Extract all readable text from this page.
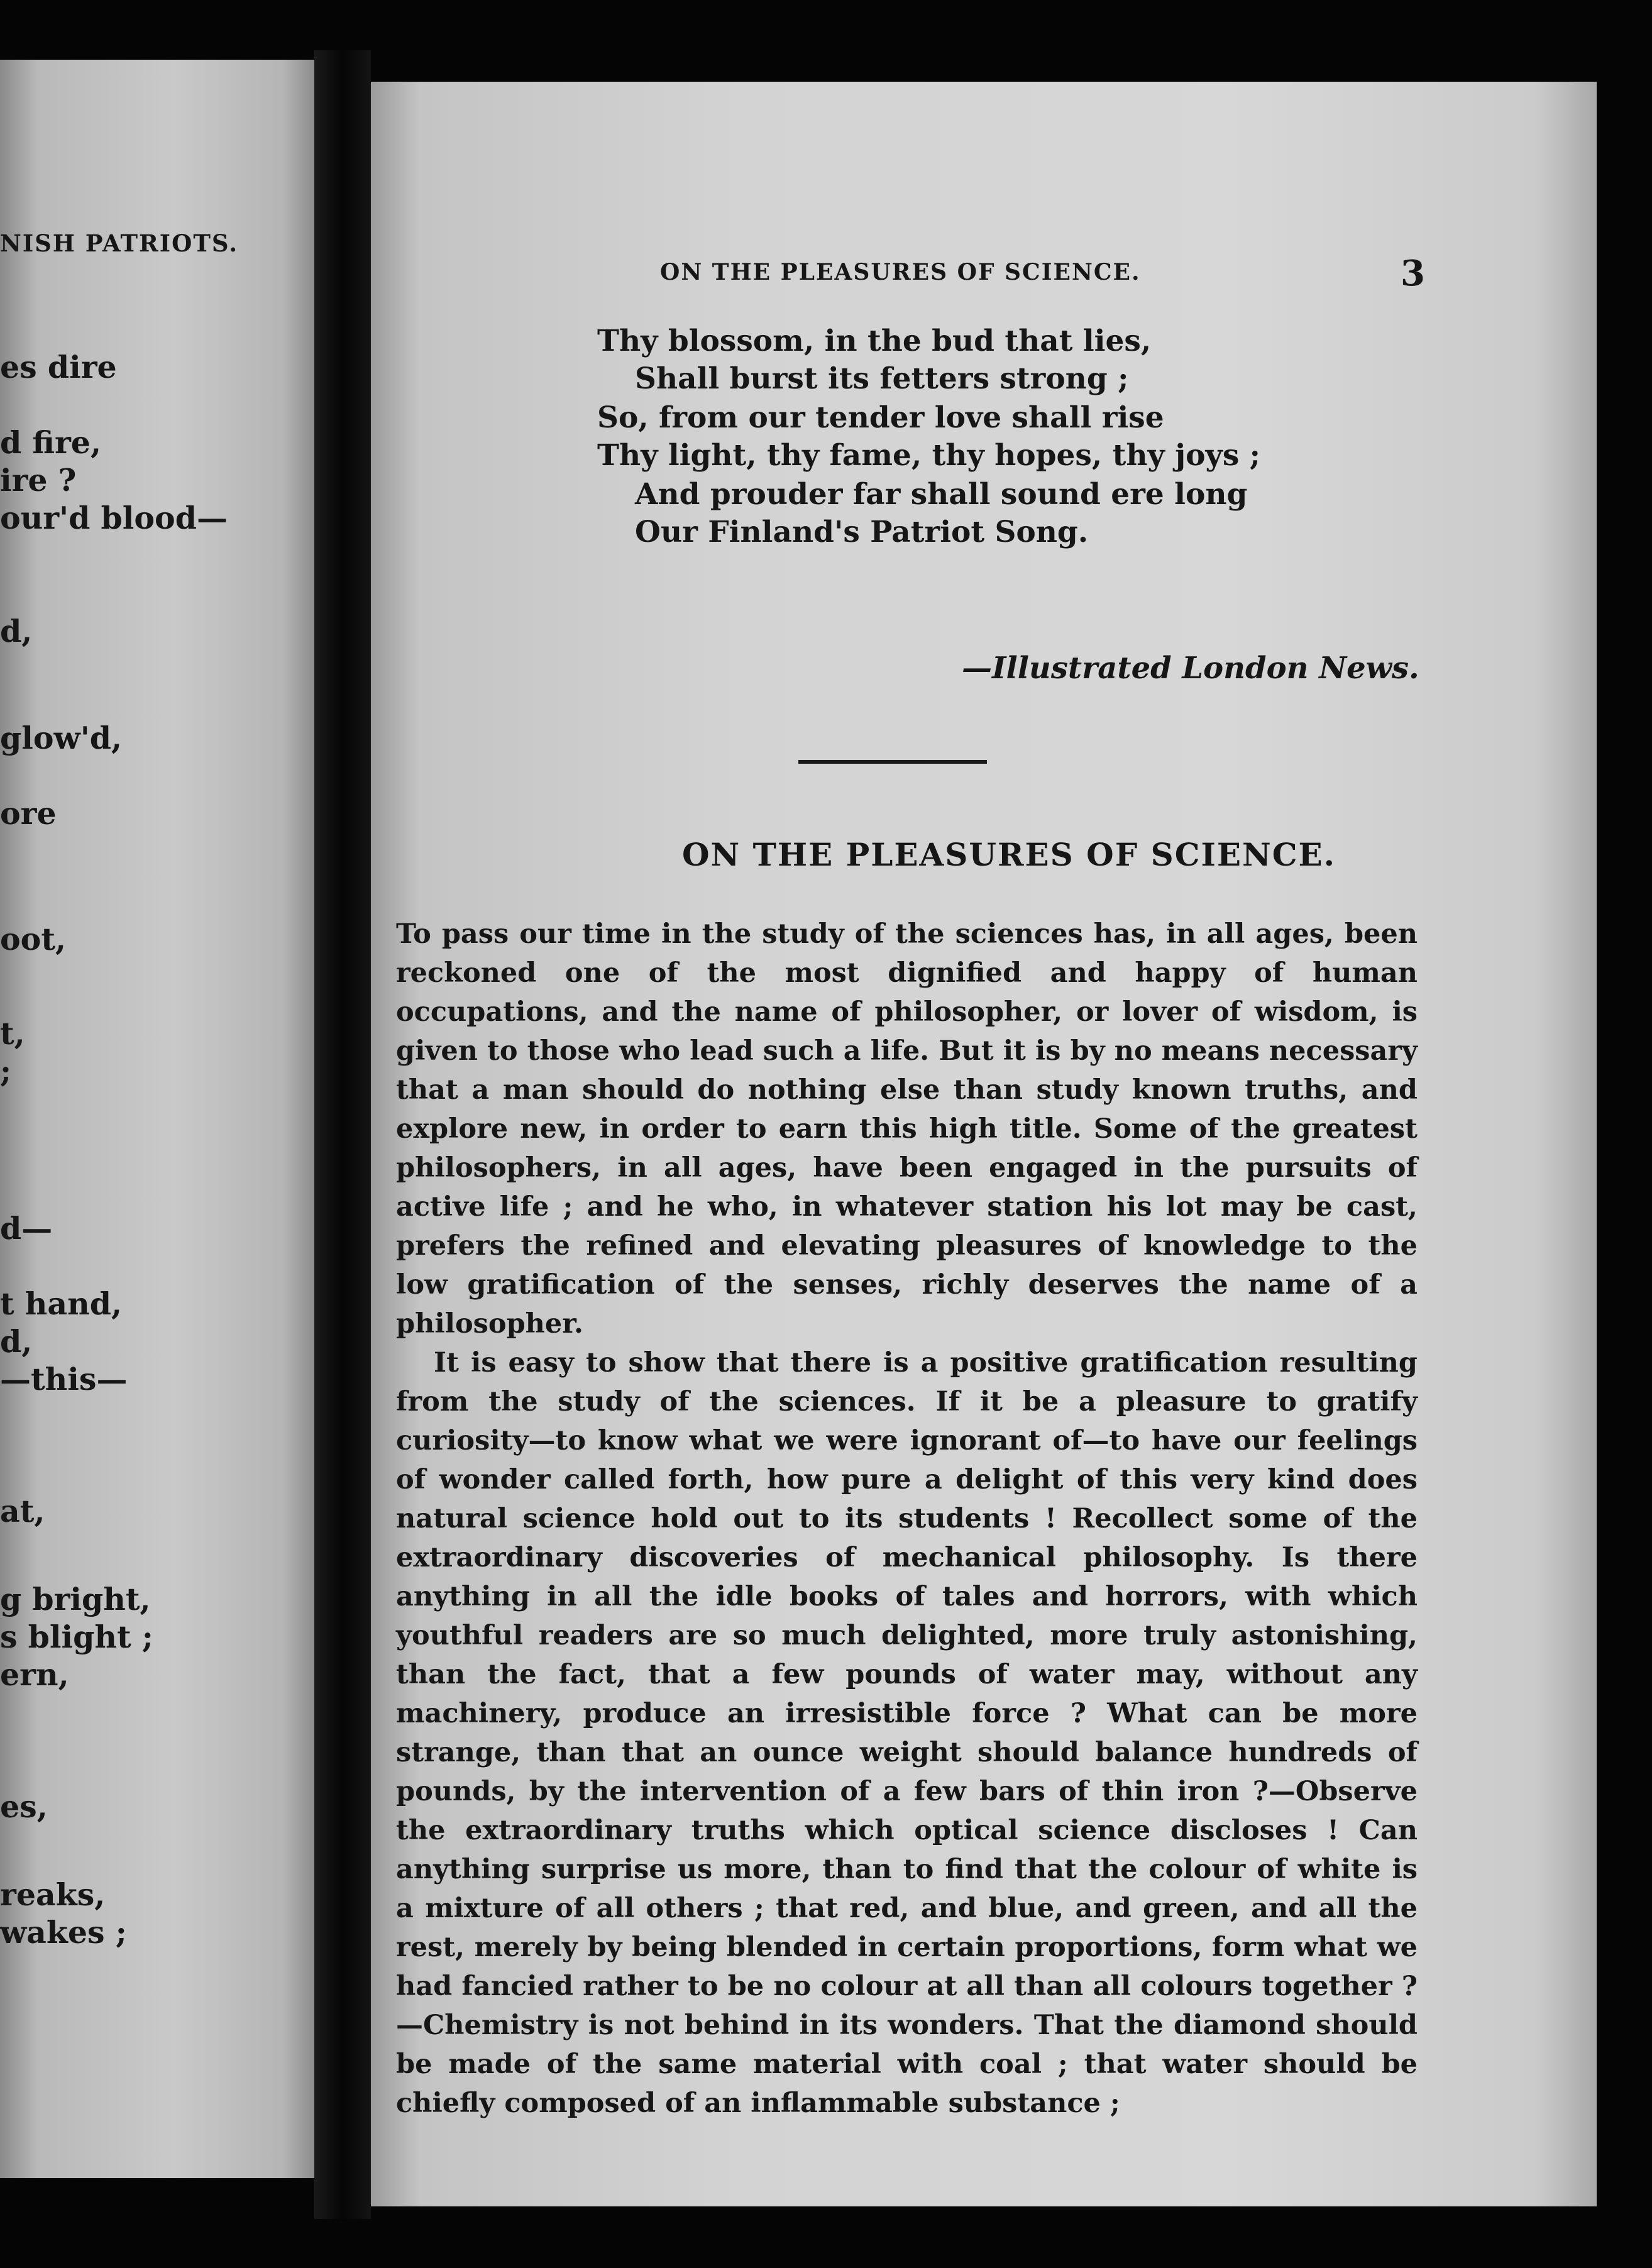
NISH PATRIOTS.
es dire
d fire,
ire ?
our'd blood—
d,
glow'd,
ore
oot,
t,
;
d—
t hand,
d,
—this—
at,
g bright,
s blight ;
ern,
es,
reaks,
wakes ;
ON THE PLEASURES OF SCIENCE.	3
Thy blossom, in the bud that lies,
Shall burst its fetters strong ;
So, from our tender love shall rise
Thy light, thy fame, thy hopes, thy joys ;
And prouder far shall sound ere long
Our Finland's Patriot Song.
—Illustrated London News.
ON THE PLEASURES OF SCIENCE.

To pass our time in the study of the sciences has, in all ages, been reckoned one of the most dignified and happy of human occupations, and the name of philosopher, or lover of wisdom, is given to those who lead such a life. But it is by no means necessary that a man should do nothing else than study known truths, and explore new, in order to earn this high title. Some of the greatest philosophers, in all ages, have been engaged in the pursuits of active life ; and he who, in whatever station his lot may be cast, prefers the refined and elevating pleasures of knowledge to the low gratification of the senses, richly deserves the name of a philosopher.

It is easy to show that there is a positive gratification resulting from the study of the sciences. If it be a pleasure to gratify curiosity—to know what we were ignorant of—to have our feelings of wonder called forth, how pure a delight of this very kind does natural science hold out to its students ! Recollect some of the extraordinary discoveries of mechanical philosophy. Is there anything in all the idle books of tales and horrors, with which youthful readers are so much delighted, more truly astonishing, than the fact, that a few pounds of water may, without any machinery, produce an irresistible force ? What can be more strange, than that an ounce weight should balance hundreds of pounds, by the intervention of a few bars of thin iron ?—Observe the extraordinary truths which optical science discloses ! Can anything surprise us more, than to find that the colour of white is a mixture of all others ; that red, and blue, and green, and all the rest, merely by being blended in certain proportions, form what we had fancied rather to be no colour at all than all colours together ?—Chemistry is not behind in its wonders. That the diamond should be made of the same material with coal ; that water should be chiefly composed of an inflammable substance ;
